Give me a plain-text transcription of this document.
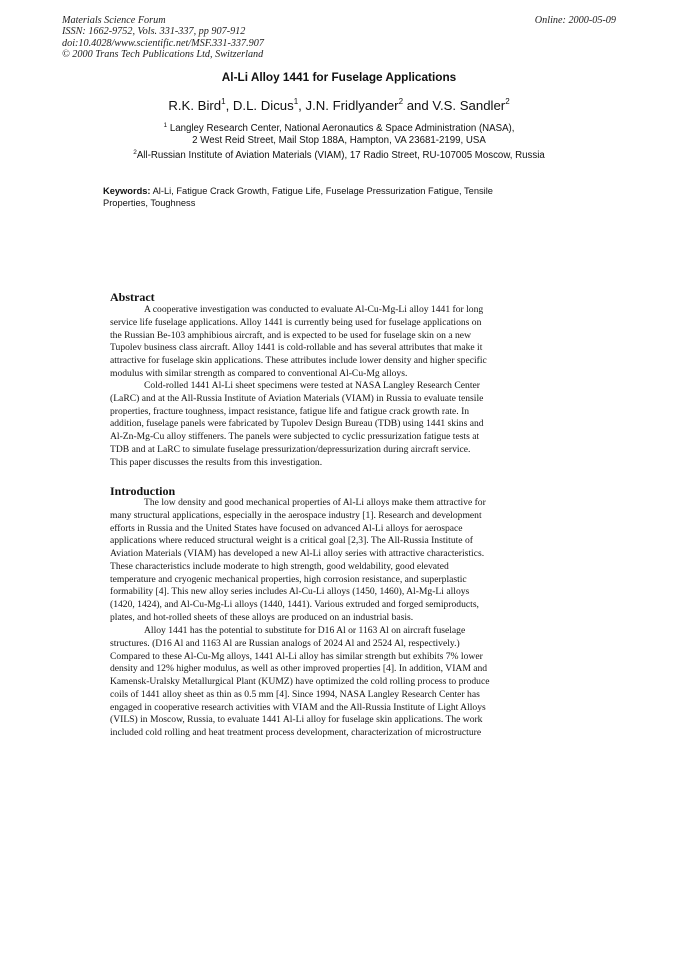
Materials Science Forum
ISSN: 1662-9752, Vols. 331-337, pp 907-912
doi:10.4028/www.scientific.net/MSF.331-337.907
© 2000 Trans Tech Publications Ltd, Switzerland
Online: 2000-05-09
Al-Li Alloy 1441 for Fuselage Applications
R.K. Bird$^1$, D.L. Dicus$^1$, J.N. Fridlyander$^2$ and V.S. Sandler$^2$
$^1$ Langley Research Center, National Aeronautics & Space Administration (NASA),
2 West Reid Street, Mail Stop 188A, Hampton, VA 23681-2199, USA
$^2$All-Russian Institute of Aviation Materials (VIAM), 17 Radio Street, RU-107005 Moscow, Russia
Keywords: Al-Li, Fatigue Crack Growth, Fatigue Life, Fuselage Pressurization Fatigue, Tensile
Properties, Toughness
Abstract
A cooperative investigation was conducted to evaluate Al-Cu-Mg-Li alloy 1441 for long
service life fuselage applications. Alloy 1441 is currently being used for fuselage applications on
the Russian Be-103 amphibious aircraft, and is expected to be used for fuselage skin on a new
Tupolev business class aircraft. Alloy 1441 is cold-rollable and has several attributes that make it
attractive for fuselage skin applications. These attributes include lower density and higher specific
modulus with similar strength as compared to conventional Al-Cu-Mg alloys.
Cold-rolled 1441 Al-Li sheet specimens were tested at NASA Langley Research Center
(LaRC) and at the All-Russia Institute of Aviation Materials (VIAM) in Russia to evaluate tensile
properties, fracture toughness, impact resistance, fatigue life and fatigue crack growth rate. In
addition, fuselage panels were fabricated by Tupolev Design Bureau (TDB) using 1441 skins and
Al-Zn-Mg-Cu alloy stiffeners. The panels were subjected to cyclic pressurization fatigue tests at
TDB and at LaRC to simulate fuselage pressurization/depressurization during aircraft service.
This paper discusses the results from this investigation.
Introduction
The low density and good mechanical properties of Al-Li alloys make them attractive for
many structural applications, especially in the aerospace industry [1]. Research and development
efforts in Russia and the United States have focused on advanced Al-Li alloys for aerospace
applications where reduced structural weight is a critical goal [2,3]. The All-Russia Institute of
Aviation Materials (VIAM) has developed a new Al-Li alloy series with attractive characteristics.
These characteristics include moderate to high strength, good weldability, good elevated
temperature and cryogenic mechanical properties, high corrosion resistance, and superplastic
formability [4]. This new alloy series includes Al-Cu-Li alloys (1450, 1460), Al-Mg-Li alloys
(1420, 1424), and Al-Cu-Mg-Li alloys (1440, 1441). Various extruded and forged semiproducts,
plates, and hot-rolled sheets of these alloys are produced on an industrial basis.
Alloy 1441 has the potential to substitute for D16 Al or 1163 Al on aircraft fuselage
structures. (D16 Al and 1163 Al are Russian analogs of 2024 Al and 2524 Al, respectively.)
Compared to these Al-Cu-Mg alloys, 1441 Al-Li alloy has similar strength but exhibits 7% lower
density and 12% higher modulus, as well as other improved properties [4]. In addition, VIAM and
Kamensk-Uralsky Metallurgical Plant (KUMZ) have optimized the cold rolling process to produce
coils of 1441 alloy sheet as thin as 0.5 mm [4]. Since 1994, NASA Langley Research Center has
engaged in cooperative research activities with VIAM and the All-Russia Institute of Light Alloys
(VILS) in Moscow, Russia, to evaluate 1441 Al-Li alloy for fuselage skin applications. The work
included cold rolling and heat treatment process development, characterization of microstructure
